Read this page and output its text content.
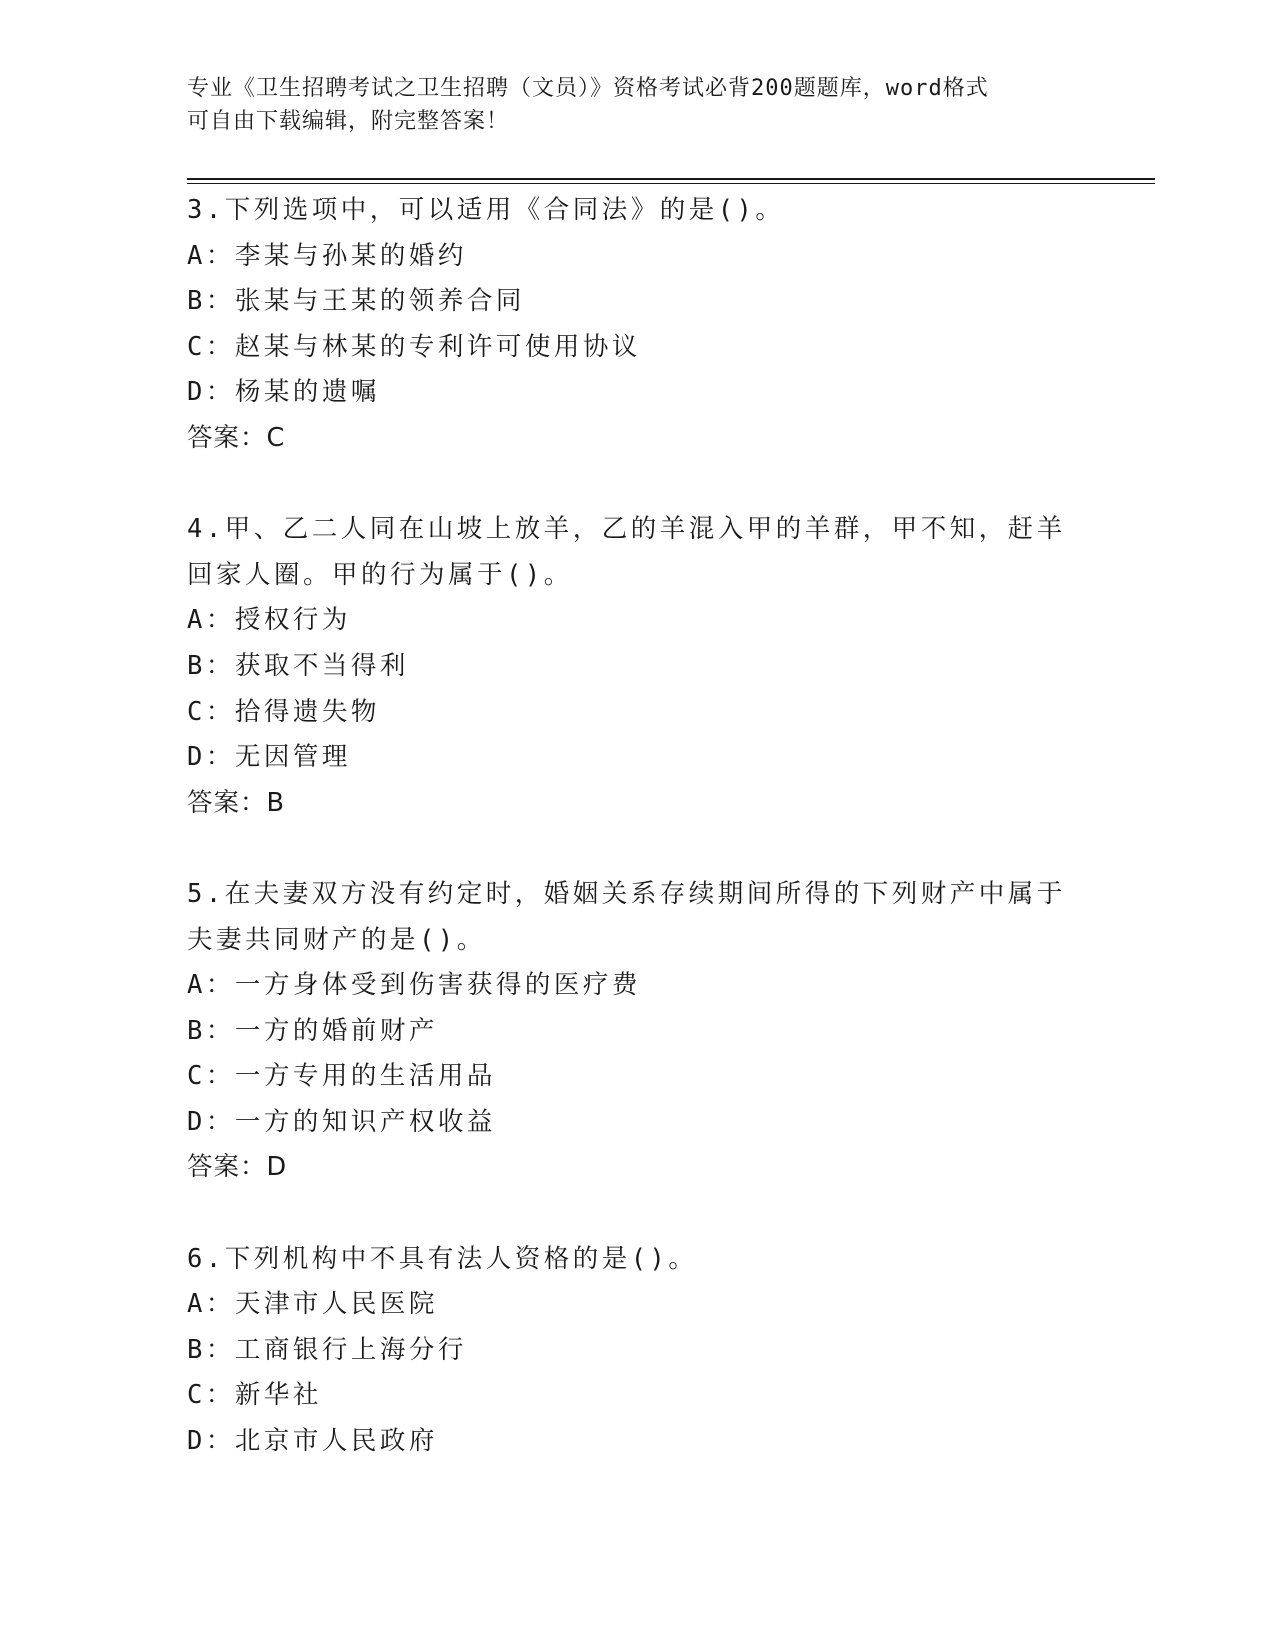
专业《卫生招聘考试之卫生招聘（文员）》资格考试必背200题题库，word格式
可自由下载编辑，附完整答案！
3.下列选项中，可以适用《合同法》的是()。
A：李某与孙某的婚约
B：张某与王某的领养合同
C：赵某与林某的专利许可使用协议
D：杨某的遗嘱
答案：C
4.甲、乙二人同在山坡上放羊，乙的羊混入甲的羊群，甲不知，赶羊
回家人圈。甲的行为属于()。
A：授权行为
B：获取不当得利
C：拾得遗失物
D：无因管理
答案：B
5.在夫妻双方没有约定时，婚姻关系存续期间所得的下列财产中属于
夫妻共同财产的是()。
A：一方身体受到伤害获得的医疗费
B：一方的婚前财产
C：一方专用的生活用品
D：一方的知识产权收益
答案：D
6.下列机构中不具有法人资格的是()。
A：天津市人民医院
B：工商银行上海分行
C：新华社
D：北京市人民政府
